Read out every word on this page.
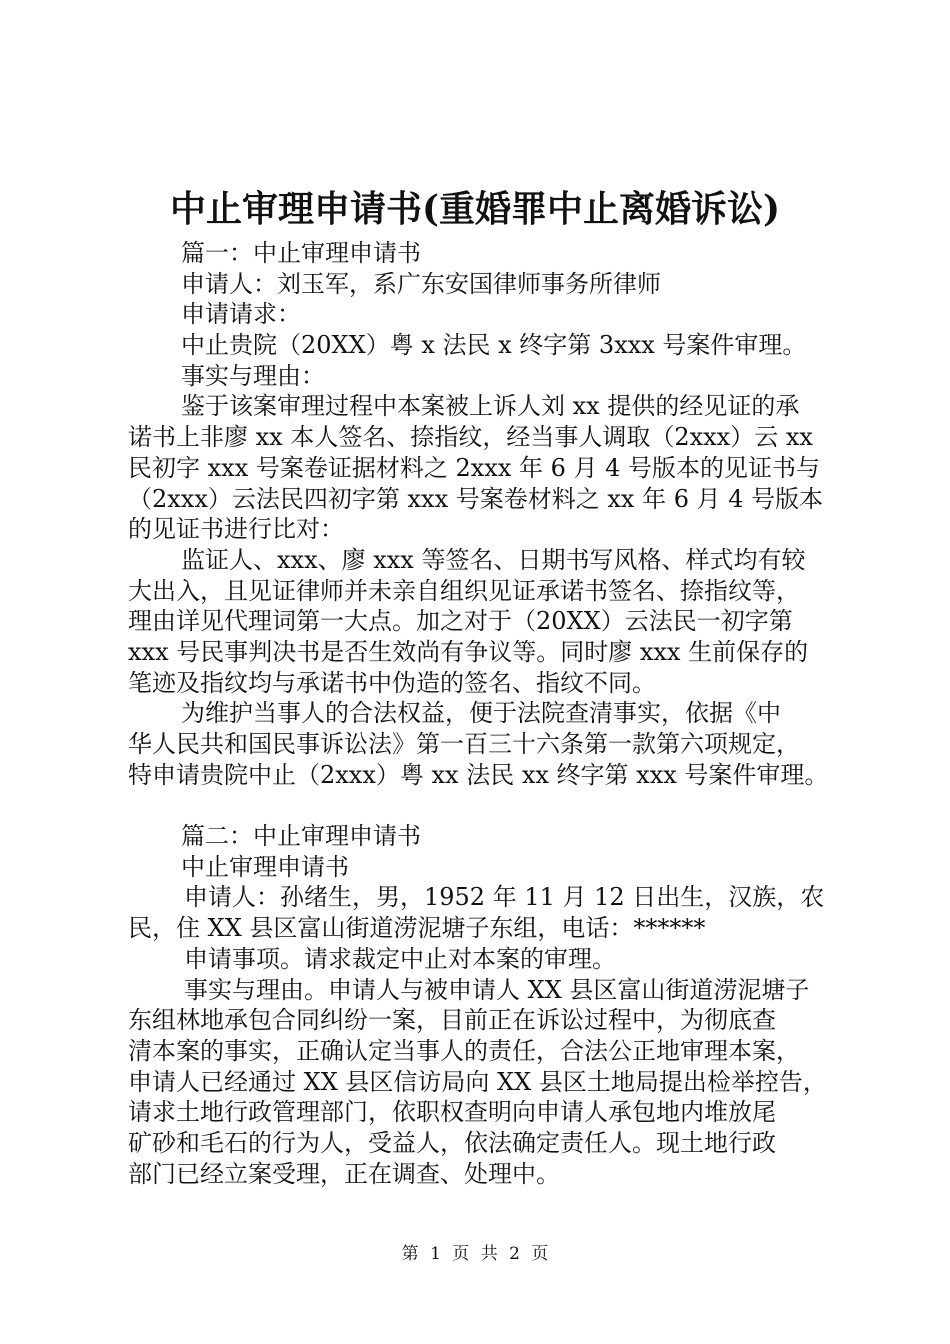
中止审理申请书(重婚罪中止离婚诉讼)
篇一：中止审理申请书
申请人：刘玉军，系广东安国律师事务所律师
申请请求：
中止贵院（20XX）粤 x 法民 x 终字第 3xxx 号案件审理。
事实与理由：
鉴于该案审理过程中本案被上诉人刘 xx 提供的经见证的承
诺书上非廖 xx 本人签名、捺指纹，经当事人调取（2xxx）云 xx
民初字 xxx 号案卷证据材料之 2xxx 年 6 月 4 号版本的见证书与
（2xxx）云法民四初字第 xxx 号案卷材料之 xx 年 6 月 4 号版本
的见证书进行比对：
监证人、xxx、廖 xxx 等签名、日期书写风格、样式均有较
大出入，且见证律师并未亲自组织见证承诺书签名、捺指纹等，
理由详见代理词第一大点。加之对于（20XX）云法民一初字第
xxx 号民事判决书是否生效尚有争议等。同时廖 xxx 生前保存的
笔迹及指纹均与承诺书中伪造的签名、指纹不同。
为维护当事人的合法权益，便于法院查清事实，依据《中
华人民共和国民事诉讼法》第一百三十六条第一款第六项规定，
特申请贵院中止（2xxx）粤 xx 法民 xx 终字第 xxx 号案件审理。
篇二：中止审理申请书
中止审理申请书
申请人：孙绪生，男，1952 年 11 月 12 日出生，汉族，农
民，住 XX 县区富山街道涝泥塘子东组，电话：******
申请事项。请求裁定中止对本案的审理。
事实与理由。申请人与被申请人 XX 县区富山街道涝泥塘子
东组林地承包合同纠纷一案，目前正在诉讼过程中，为彻底查
清本案的事实，正确认定当事人的责任，合法公正地审理本案，
申请人已经通过 XX 县区信访局向 XX 县区土地局提出检举控告，
请求土地行政管理部门，依职权查明向申请人承包地内堆放尾
矿砂和毛石的行为人，受益人，依法确定责任人。现土地行政
部门已经立案受理，正在调查、处理中。
第 1 页 共 2 页
